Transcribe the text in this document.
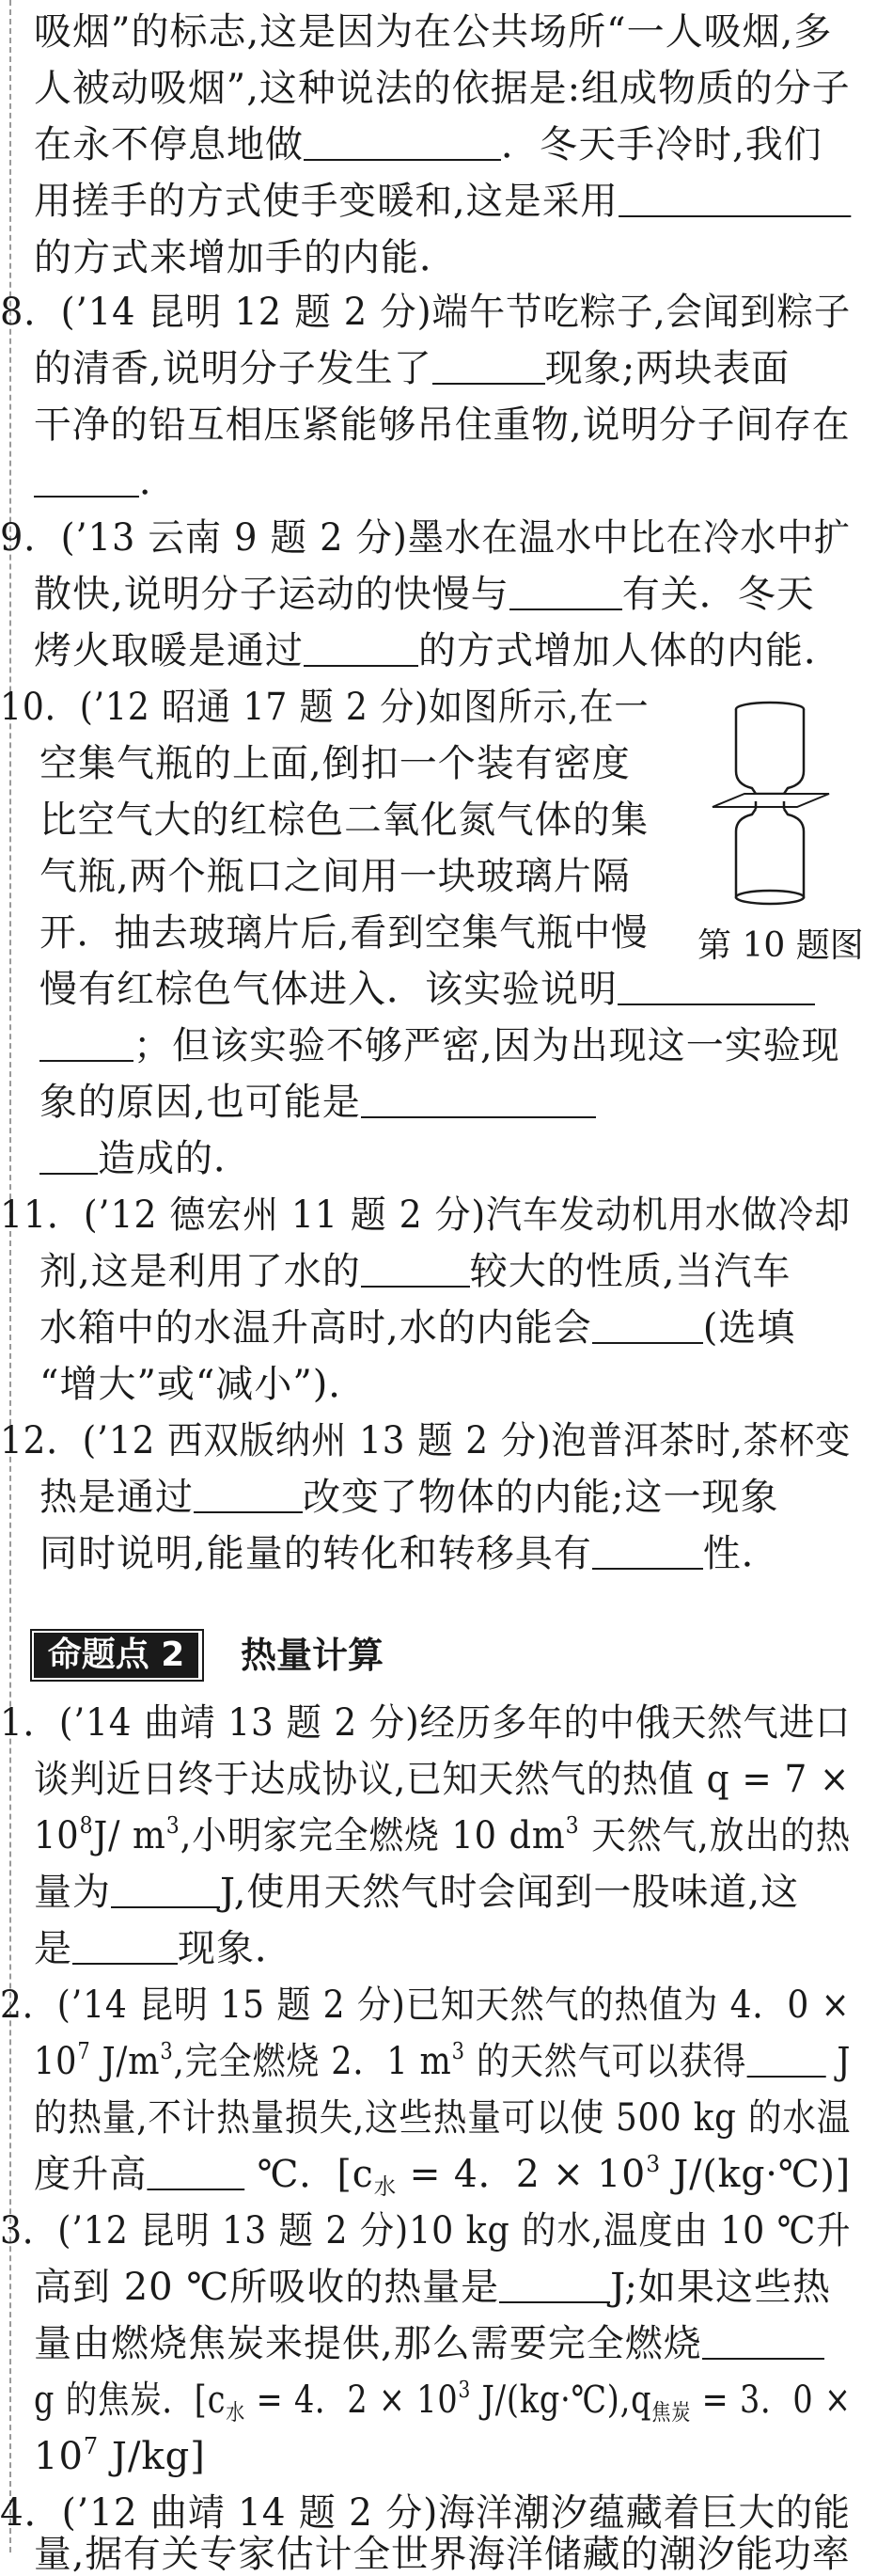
吸烟”的标志,这是因为在公共场所“一人吸烟,多
人被动吸烟”,这种说法的依据是:组成物质的分子
在永不停息地做	．冬天手冷时,我们
用搓手的方式使手变暖和,这是采用
的方式来增加手的内能．
8．(’14 昆明 12 题 2 分)端午节吃粽子,会闻到粽子
的清香,说明分子发生了	现象;两块表面
干净的铅互相压紧能够吊住重物,说明分子间存在
．
9．(’13 云南 9 题 2 分)墨水在温水中比在冷水中扩
散快,说明分子运动的快慢与	有关．冬天
烤火取暖是通过	的方式增加人体的内能．
10．(’12 昭通 17 题 2 分)如图所示,在一
空集气瓶的上面,倒扣一个装有密度
比空气大的红棕色二氧化氮气体的集
气瓶,两个瓶口之间用一块玻璃片隔
开．抽去玻璃片后,看到空集气瓶中慢
慢有红棕色气体进入．该实验说明
；但该实验不够严密,因为出现这一实验现
象的原因,也可能是
造成的．
11．(’12 德宏州 11 题 2 分)汽车发动机用水做冷却
剂,这是利用了水的	较大的性质,当汽车
水箱中的水温升高时,水的内能会	(选填
“增大”或“减小”)．
12．(’12 西双版纳州 13 题 2 分)泡普洱茶时,茶杯变
热是通过	改变了物体的内能;这一现象
同时说明,能量的转化和转移具有	性．
1．(’14 曲靖 13 题 2 分)经历多年的中俄天然气进口
谈判近日终于达成协议,已知天然气的热值 q = 7 ×
$10^8J/$ $m^3$,小明家完全燃烧 10 $dm^3$ 天然气,放出的热
量为	J,使用天然气时会闻到一股味道,这
是	现象．
2．(’14 昆明 15 题 2 分)已知天然气的热值为 4．0 ×
$10^7$ $J/m^3$,完全燃烧 2．1 $m^3$ 的天然气可以获得 J
的热量,不计热量损失,这些热量可以使 500 kg 的水温
度升高	℃．[$c_水 = 4$．$2 \times 10^3$ J/(kg·℃)]
3．(’12 昆明 13 题 2 分)10 kg 的水,温度由 10 ℃升
高到 20 ℃所吸收的热量是	J;如果这些热
量由燃烧焦炭来提供,那么需要完全燃烧
g 的焦炭．[$c_水 = 4$．$2 \times 10^3$ $J/(kg\cdot℃),q_{焦炭} = 3$．0 ×
$10^7$ J/kg]
4．(’12 曲靖 14 题 2 分)海洋潮汐蕴藏着巨大的能
量,据有关专家估计全世界海洋储藏的潮汐能功率
命题点 2	热量计算
第 10 题图
